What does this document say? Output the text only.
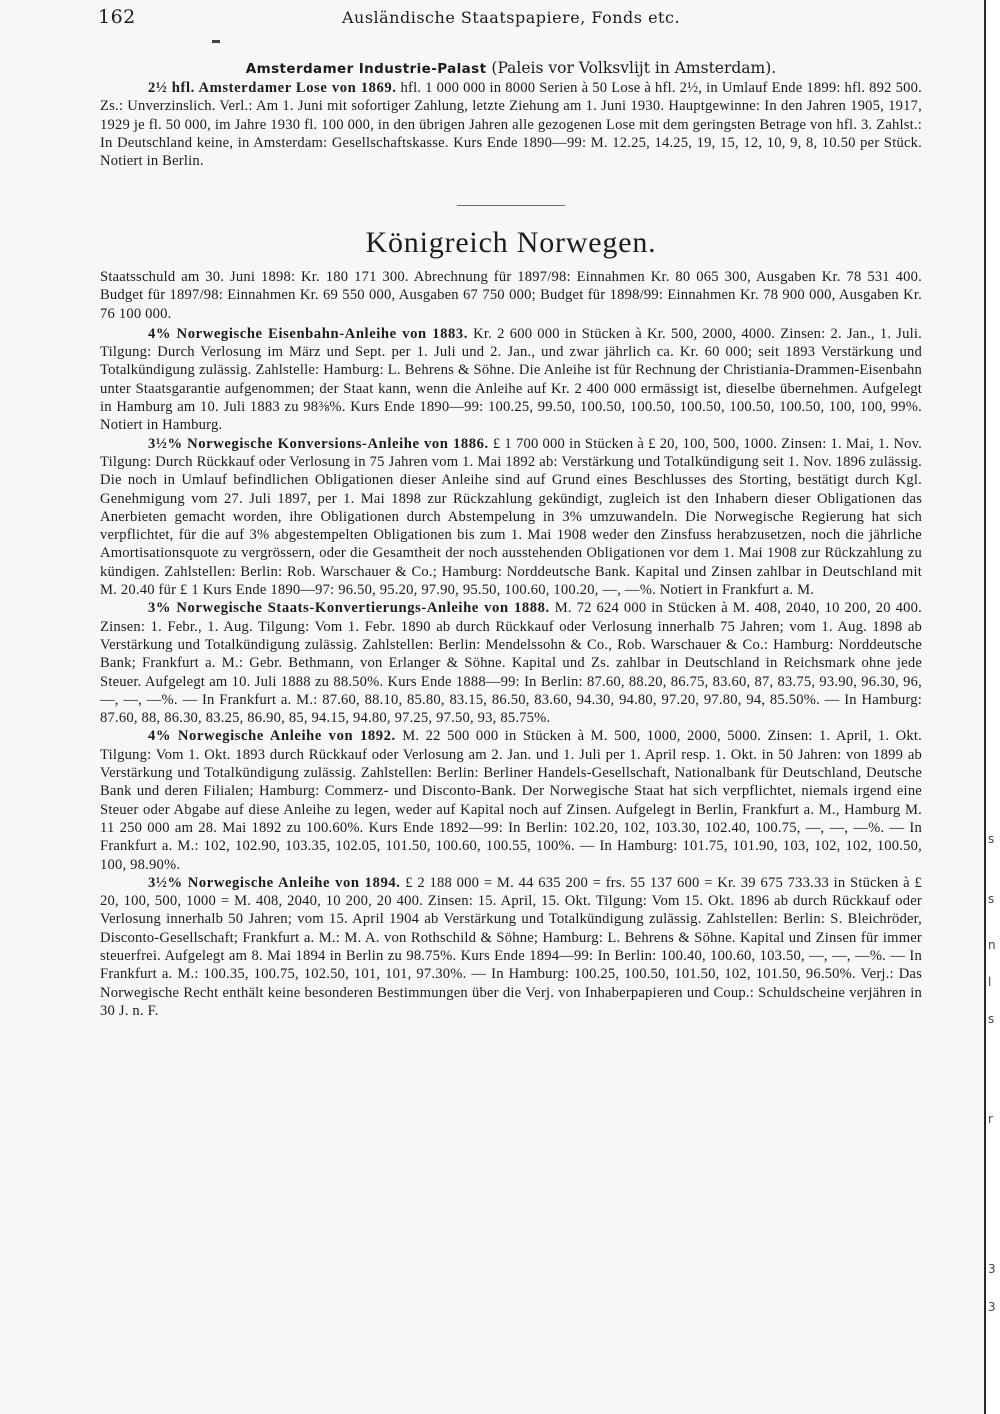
162	Ausländische Staatspapiere, Fonds etc.

Amsterdamer Industrie-Palast (Paleis vor Volksvlijt in Amsterdam).

2½ hfl. Amsterdamer Lose von 1869. hfl. 1 000 000 in 8000 Serien à 50 Lose à hfl. 2½, in Umlauf Ende 1899: hfl. 892 500. Zs.: Unverzinslich. Verl.: Am 1. Juni mit sofortiger Zahlung, letzte Ziehung am 1. Juni 1930. Hauptgewinne: In den Jahren 1905, 1917, 1929 je fl. 50 000, im Jahre 1930 fl. 100 000, in den übrigen Jahren alle gezogenen Lose mit dem geringsten Betrage von hfl. 3. Zahlst.: In Deutschland keine, in Amsterdam: Gesellschaftskasse. Kurs Ende 1890—99: M. 12.25, 14.25, 19, 15, 12, 10, 9, 8, 10.50 per Stück. Notiert in Berlin.

Königreich Norwegen.

Staatsschuld am 30. Juni 1898: Kr. 180 171 300. Abrechnung für 1897/98: Einnahmen Kr. 80 065 300, Ausgaben Kr. 78 531 400. Budget für 1897/98: Einnahmen Kr. 69 550 000, Ausgaben 67 750 000; Budget für 1898/99: Einnahmen Kr. 78 900 000, Ausgaben Kr. 76 100 000.

4% Norwegische Eisenbahn-Anleihe von 1883. Kr. 2 600 000 in Stücken à Kr. 500, 2000, 4000. Zinsen: 2. Jan., 1. Juli. Tilgung: Durch Verlosung im März und Sept. per 1. Juli und 2. Jan., und zwar jährlich ca. Kr. 60 000; seit 1893 Verstärkung und Totalkündigung zulässig. Zahlstelle: Hamburg: L. Behrens & Söhne. Die Anleihe ist für Rechnung der Christiania-Drammen-Eisenbahn unter Staatsgarantie aufgenommen; der Staat kann, wenn die Anleihe auf Kr. 2 400 000 ermässigt ist, dieselbe übernehmen. Aufgelegt in Hamburg am 10. Juli 1883 zu 98⅜%. Kurs Ende 1890—99: 100.25, 99.50, 100.50, 100.50, 100.50, 100.50, 100.50, 100, 100, 99%. Notiert in Hamburg.

3½% Norwegische Konversions-Anleihe von 1886. £ 1 700 000 in Stücken à £ 20, 100, 500, 1000. Zinsen: 1. Mai, 1. Nov. Tilgung: Durch Rückkauf oder Verlosung in 75 Jahren vom 1. Mai 1892 ab: Verstärkung und Totalkündigung seit 1. Nov. 1896 zulässig. Die noch in Umlauf befindlichen Obligationen dieser Anleihe sind auf Grund eines Beschlusses des Storting, bestätigt durch Kgl. Genehmigung vom 27. Juli 1897, per 1. Mai 1898 zur Rückzahlung gekündigt, zugleich ist den Inhabern dieser Obligationen das Anerbieten gemacht worden, ihre Obligationen durch Abstempelung in 3% umzuwandeln. Die Norwegische Regierung hat sich verpflichtet, für die auf 3% abgestempelten Obligationen bis zum 1. Mai 1908 weder den Zinsfuss herabzusetzen, noch die jährliche Amortisationsquote zu vergrössern, oder die Gesamtheit der noch ausstehenden Obligationen vor dem 1. Mai 1908 zur Rückzahlung zu kündigen. Zahlstellen: Berlin: Rob. Warschauer & Co.; Hamburg: Norddeutsche Bank. Kapital und Zinsen zahlbar in Deutschland mit M. 20.40 für £ 1 Kurs Ende 1890—97: 96.50, 95.20, 97.90, 95.50, 100.60, 100.20, —, —%. Notiert in Frankfurt a. M.

3% Norwegische Staats-Konvertierungs-Anleihe von 1888. M. 72 624 000 in Stücken à M. 408, 2040, 10 200, 20 400. Zinsen: 1. Febr., 1. Aug. Tilgung: Vom 1. Febr. 1890 ab durch Rückkauf oder Verlosung innerhalb 75 Jahren; vom 1. Aug. 1898 ab Verstärkung und Totalkündigung zulässig. Zahlstellen: Berlin: Mendelssohn & Co., Rob. Warschauer & Co.: Hamburg: Norddeutsche Bank; Frankfurt a. M.: Gebr. Bethmann, von Erlanger & Söhne. Kapital und Zs. zahlbar in Deutschland in Reichsmark ohne jede Steuer. Aufgelegt am 10. Juli 1888 zu 88.50%. Kurs Ende 1888—99: In Berlin: 87.60, 88.20, 86.75, 83.60, 87, 83.75, 93.90, 96.30, 96, —, —, —%. — In Frankfurt a. M.: 87.60, 88.10, 85.80, 83.15, 86.50, 83.60, 94.30, 94.80, 97.20, 97.80, 94, 85.50%. — In Hamburg: 87.60, 88, 86.30, 83.25, 86.90, 85, 94.15, 94.80, 97.25, 97.50, 93, 85.75%.

4% Norwegische Anleihe von 1892. M. 22 500 000 in Stücken à M. 500, 1000, 2000, 5000. Zinsen: 1. April, 1. Okt. Tilgung: Vom 1. Okt. 1893 durch Rückkauf oder Verlosung am 2. Jan. und 1. Juli per 1. April resp. 1. Okt. in 50 Jahren: von 1899 ab Verstärkung und Totalkündigung zulässig. Zahlstellen: Berlin: Berliner Handels-Gesellschaft, Nationalbank für Deutschland, Deutsche Bank und deren Filialen; Hamburg: Commerz- und Disconto-Bank. Der Norwegische Staat hat sich verpflichtet, niemals irgend eine Steuer oder Abgabe auf diese Anleihe zu legen, weder auf Kapital noch auf Zinsen. Aufgelegt in Berlin, Frankfurt a. M., Hamburg M. 11 250 000 am 28. Mai 1892 zu 100.60%. Kurs Ende 1892—99: In Berlin: 102.20, 102, 103.30, 102.40, 100.75, —, —, —%. — In Frankfurt a. M.: 102, 102.90, 103.35, 102.05, 101.50, 100.60, 100.55, 100%. — In Hamburg: 101.75, 101.90, 103, 102, 102, 100.50, 100, 98.90%.

3½% Norwegische Anleihe von 1894. £ 2 188 000 = M. 44 635 200 = frs. 55 137 600 = Kr. 39 675 733.33 in Stücken à £ 20, 100, 500, 1000 = M. 408, 2040, 10 200, 20 400. Zinsen: 15. April, 15. Okt. Tilgung: Vom 15. Okt. 1896 ab durch Rückkauf oder Verlosung innerhalb 50 Jahren; vom 15. April 1904 ab Verstärkung und Totalkündigung zulässig. Zahlstellen: Berlin: S. Bleichröder, Disconto-Gesellschaft; Frankfurt a. M.: M. A. von Rothschild & Söhne; Hamburg: L. Behrens & Söhne. Kapital und Zinsen für immer steuerfrei. Aufgelegt am 8. Mai 1894 in Berlin zu 98.75%. Kurs Ende 1894—99: In Berlin: 100.40, 100.60, 103.50, —, —, —%. — In Frankfurt a. M.: 100.35, 100.75, 102.50, 101, 101, 97.30%. — In Hamburg: 100.25, 100.50, 101.50, 102, 101.50, 96.50%. Verj.: Das Norwegische Recht enthält keine besonderen Bestimmungen über die Verj. von Inhaberpapieren und Coup.: Schuldscheine verjähren in 30 J. n. F.

s
s
n
l
s
r
3
3
